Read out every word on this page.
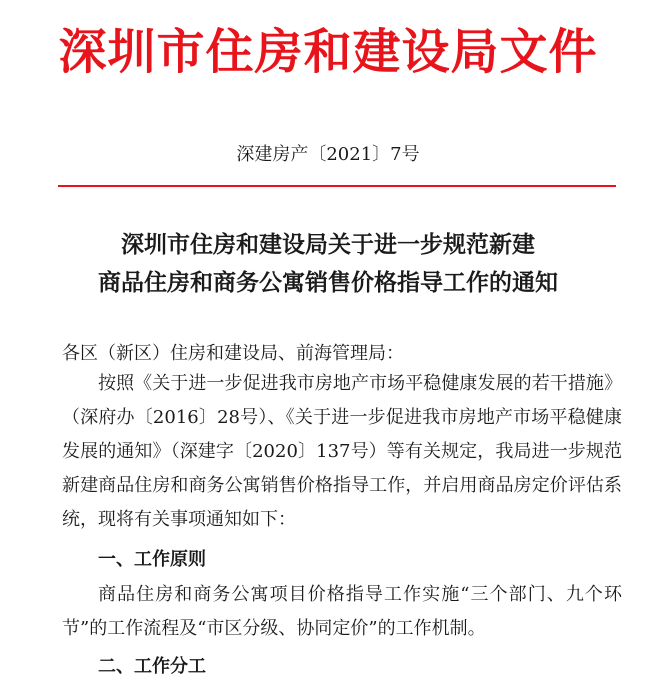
深圳市住房和建设局文件
深建房产〔2021〕7号
深圳市住房和建设局关于进一步规范新建
商品住房和商务公寓销售价格指导工作的通知
各区（新区）住房和建设局、前海管理局：
按照《关于进一步促进我市房地产市场平稳健康发展的若干措施》（深府办〔2016〕28号）、《关于进一步促进我市房地产市场平稳健康发展的通知》（深建字〔2020〕137号）等有关规定，我局进一步规范新建商品住房和商务公寓销售价格指导工作，并启用商品房定价评估系统，现将有关事项通知如下：
一、工作原则
商品住房和商务公寓项目价格指导工作实施“三个部门、九个环节”的工作流程及“市区分级、协同定价”的工作机制。
二、工作分工
